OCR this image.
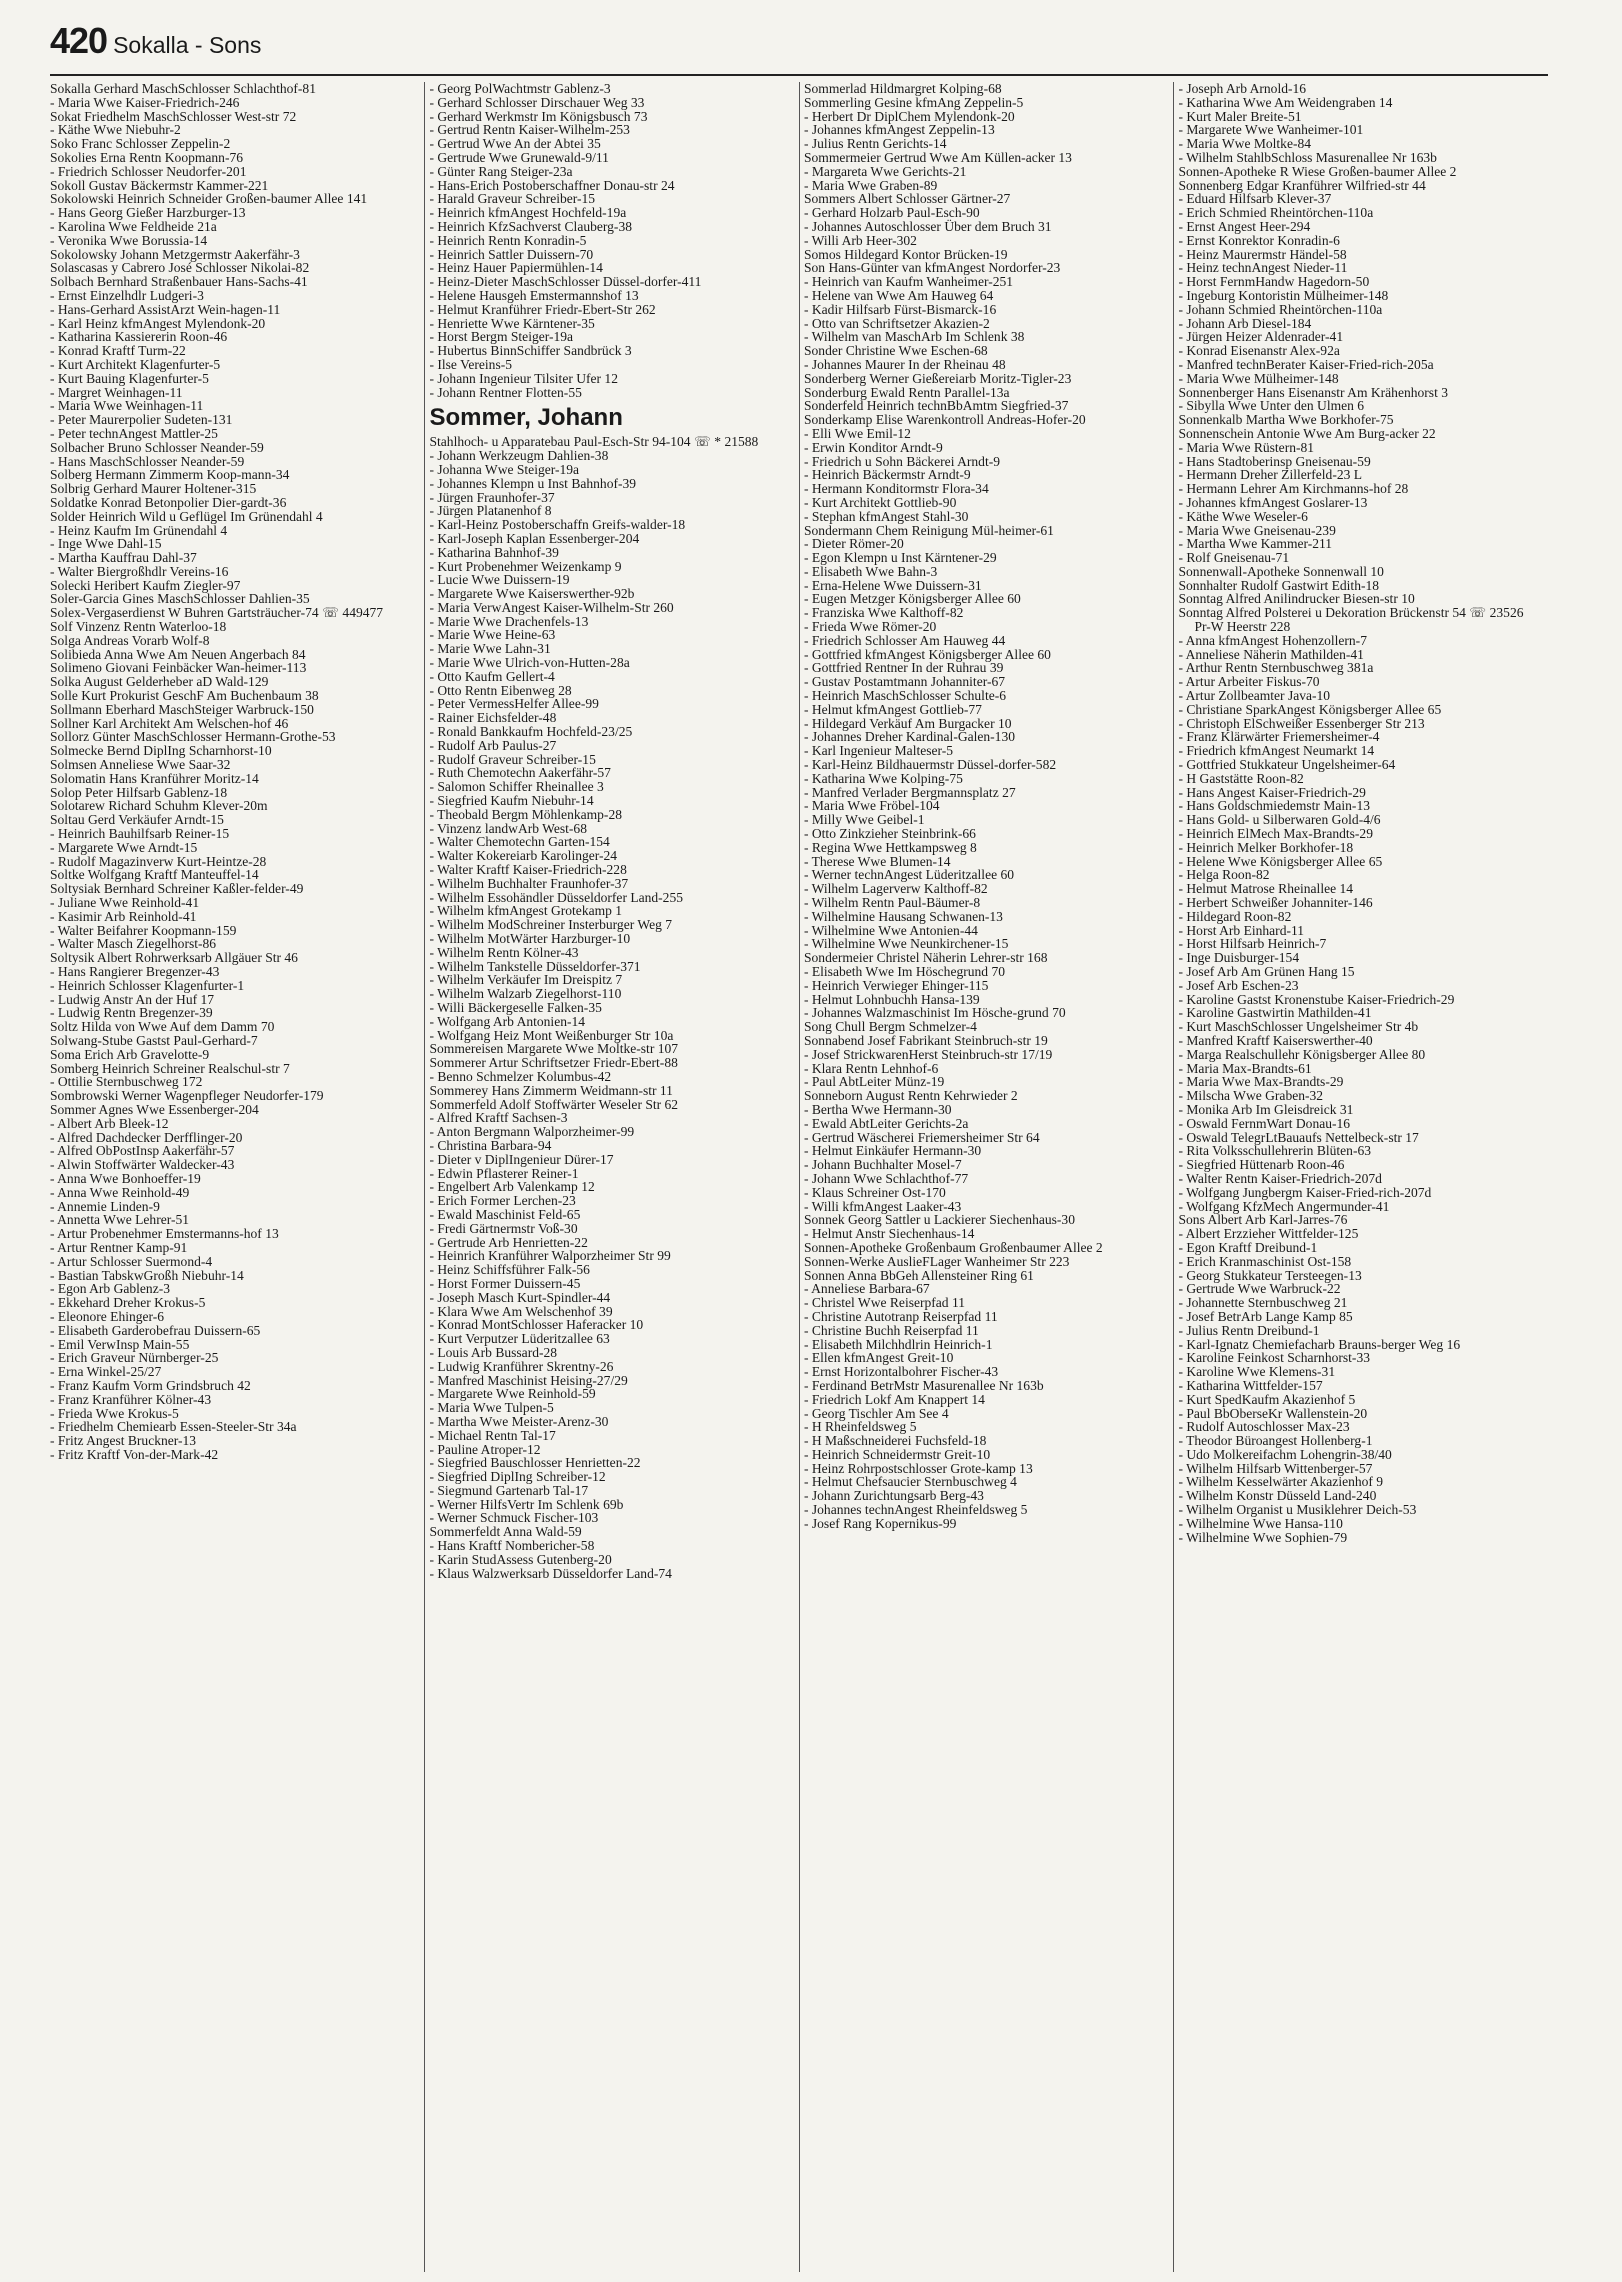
420 Sokalla - Sons
Sokalla Gerhard MaschSchlosser Schlachthof-81
- Maria Wwe Kaiser-Friedrich-246
Sokat Friedhelm MaschSchlosser West-str 72
- Käthe Wwe Niebuhr-2
Soko Franc Schlosser Zeppelin-2
Sokolies Erna Rentn Koopmann-76
- Friedrich Schlosser Neudorfer-201
Sokoll Gustav Bäckermstr Kammer-221
Sokolowski Heinrich Schneider Großen-baumer Allee 141
- Hans Georg Gießer Harzburger-13
- Karolina Wwe Feldheide 21a
- Veronika Wwe Borussia-14
Sokolowsky Johann Metzgermstr Aakerfähr-3
Solascasas y Cabrero José Schlosser Nikolai-82
Solbach Bernhard Straßenbauer Hans-Sachs-41
- Ernst Einzelhdlr Ludgeri-3
- Hans-Gerhard AssistArzt Wein-hagen-11
- Karl Heinz kfmAngest Mylendonk-20
- Katharina Kassiererin Roon-46
- Konrad Kraftf Turm-22
- Kurt Architekt Klagenfurter-5
- Kurt Bauing Klagenfurter-5
- Margret Weinhagen-11
- Maria Wwe Weinhagen-11
- Peter Maurerpolier Sudeten-131
- Peter technAngest Mattler-25
Solbacher Bruno Schlosser Neander-59
- Hans MaschSchlosser Neander-59
Solberg Hermann Zimmerm Koop-mann-34
Solbrig Gerhard Maurer Holtener-315
Soldatke Konrad Betonpolier Dier-gardt-36
Solder Heinrich Wild u Geflügel Im Grünendahl 4
- Heinz Kaufm Im Grünendahl 4
- Inge Wwe Dahl-15
- Martha Kauffrau Dahl-37
- Walter Biergroßhdlr Vereins-16
Solecki Heribert Kaufm Ziegler-97
Soler-Garcia Gines MaschSchlosser Dahlien-35
Solex-Vergaserdienst W Buhren Gartsträucher-74 ☏ 449477
Solf Vinzenz Rentn Waterloo-18
Solga Andreas Vorarb Wolf-8
Solibieda Anna Wwe Am Neuen Angerbach 84
Solimeno Giovani Feinbäcker Wan-heimer-113
Solka August Gelderheber aD Wald-129
Solle Kurt Prokurist GeschF Am Buchenbaum 38
Sollmann Eberhard MaschSteiger Warbruck-150
Sollner Karl Architekt Am Welschen-hof 46
Sollorz Günter MaschSchlosser Hermann-Grothe-53
Solmecke Bernd DiplIng Scharnhorst-10
Solmsen Anneliese Wwe Saar-32
Solomatin Hans Kranführer Moritz-14
Solop Peter Hilfsarb Gablenz-18
Solotarew Richard Schuhm Klever-20m
Soltau Gerd Verkäufer Arndt-15
- Heinrich Bauhilfsarb Reiner-15
- Margarete Wwe Arndt-15
- Rudolf Magazinverw Kurt-Heintze-28
Soltke Wolfgang Kraftf Manteuffel-14
Soltysiak Bernhard Schreiner Kaßler-felder-49
- Juliane Wwe Reinhold-41
- Kasimir Arb Reinhold-41
- Walter Beifahrer Koopmann-159
- Walter Masch Ziegelhorst-86
Soltysik Albert Rohrwerksarb Allgäuer Str 46
- Hans Rangierer Bregenzer-43
- Heinrich Schlosser Klagenfurter-1
- Ludwig Anstr An der Huf 17
- Ludwig Rentn Bregenzer-39
Soltz Hilda von Wwe Auf dem Damm 70
Solwang-Stube Gastst Paul-Gerhard-7
Soma Erich Arb Gravelotte-9
Somberg Heinrich Schreiner Realschul-str 7
- Ottilie Sternbuschweg 172
Sombrowski Werner Wagenpfleger Neudorfer-179
Sommer Agnes Wwe Essenberger-204
- Albert Arb Bleek-12
- Alfred Dachdecker Derfflinger-20
- Alfred ObPostInsp Aakerfähr-57
- Alwin Stoffwärter Waldecker-43
- Anna Wwe Bonhoeffer-19
- Anna Wwe Reinhold-49
- Annemie Linden-9
- Annetta Wwe Lehrer-51
- Artur Probenehmer Emstermanns-hof 13
- Artur Rentner Kamp-91
- Artur Schlosser Suermond-4
- Bastian TabskwGroßh Niebuhr-14
- Egon Arb Gablenz-3
- Ekkehard Dreher Krokus-5
- Eleonore Ehinger-6
- Elisabeth Garderobefrau Duissern-65
- Emil VerwInsp Main-55
- Erich Graveur Nürnberger-25
- Erna Winkel-25/27
- Franz Kaufm Vorm Grindsbruch 42
- Franz Kranführer Kölner-43
- Frieda Wwe Krokus-5
- Friedhelm Chemiearb Essen-Steeler-Str 34a
- Fritz Angest Bruckner-13
- Fritz Kraftf Von-der-Mark-42
- Georg PolWachtmstr Gablenz-3
- Gerhard Schlosser Dirschauer Weg 33
- Gerhard Werkmstr Im Königsbusch 73
- Gertrud Rentn Kaiser-Wilhelm-253
- Gertrud Wwe An der Abtei 35
- Gertrude Wwe Grunewald-9/11
- Günter Rang Steiger-23a
- Hans-Erich Postoberschaffner Donau-str 24
- Harald Graveur Schreiber-15
- Heinrich kfmAngest Hochfeld-19a
- Heinrich KfzSachverst Clauberg-38
- Heinrich Rentn Konradin-5
- Heinrich Sattler Duissern-70
- Heinz Hauer Papiermühlen-14
- Heinz-Dieter MaschSchlosser Düssel-dorfer-411
- Helene Hausgeh Emstermannshof 13
- Helmut Kranführer Friedr-Ebert-Str 262
- Henriette Wwe Kärntener-35
- Horst Bergm Steiger-19a
- Hubertus BinnSchiffer Sandbrück 3
- Ilse Vereins-5
- Johann Ingenieur Tilsiter Ufer 12
- Johann Rentner Flotten-55
Sommer, Johann
Stahlhoch- u Apparatebau Paul-Esch-Str 94-104 ☏ * 21588
- Johann Werkzeugm Dahlien-38
- Johanna Wwe Steiger-19a
- Johannes Klempn u Inst Bahnhof-39
- Jürgen Fraunhofer-37
- Jürgen Platanenhof 8
- Karl-Heinz Postoberschaffn Greifs-walder-18
- Karl-Joseph Kaplan Essenberger-204
- Katharina Bahnhof-39
- Kurt Probenehmer Weizenkamp 9
- Lucie Wwe Duissern-19
- Margarete Wwe Kaiserswerther-92b
- Maria VerwAngest Kaiser-Wilhelm-Str 260
- Marie Wwe Drachenfels-13
- Marie Wwe Heine-63
- Marie Wwe Lahn-31
- Marie Wwe Ulrich-von-Hutten-28a
- Otto Kaufm Gellert-4
- Otto Rentn Eibenweg 28
- Peter VermessHelfer Allee-99
- Rainer Eichsfelder-48
- Ronald Bankkaufm Hochfeld-23/25
- Rudolf Arb Paulus-27
- Rudolf Graveur Schreiber-15
- Ruth Chemotechn Aakerfähr-57
- Salomon Schiffer Rheinallee 3
- Siegfried Kaufm Niebuhr-14
- Theobald Bergm Möhlenkamp-28
- Vinzenz landwArb West-68
- Walter Chemotechn Garten-154
- Walter Kokereiarb Karolinger-24
- Walter Kraftf Kaiser-Friedrich-228
- Wilhelm Buchhalter Fraunhofer-37
- Wilhelm Essohändler Düsseldorfer Land-255
- Wilhelm kfmAngest Grotekamp 1
- Wilhelm ModSchreiner Insterburger Weg 7
- Wilhelm MotWärter Harzburger-10
- Wilhelm Rentn Kölner-43
- Wilhelm Tankstelle Düsseldorfer-371
- Wilhelm Verkäufer Im Dreispitz 7
- Wilhelm Walzarb Ziegelhorst-110
- Willi Bäckergeselle Falken-35
- Wolfgang Arb Antonien-14
- Wolfgang Heiz Mont Weißenburger Str 10a
Sommereisen Margarete Wwe Moltke-str 107
Sommerer Artur Schriftsetzer Friedr-Ebert-88
- Benno Schmelzer Kolumbus-42
Sommerey Hans Zimmerm Weidmann-str 11
Sommerfeld Adolf Stoffwärter Weseler Str 62
- Alfred Kraftf Sachsen-3
- Anton Bergmann Walporzheimer-99
- Christina Barbara-94
- Dieter v DiplIngenieur Dürer-17
- Edwin Pflasterer Reiner-1
- Engelbert Arb Valenkamp 12
- Erich Former Lerchen-23
- Ewald Maschinist Feld-65
- Fredi Gärtnermstr Voß-30
- Gertrude Arb Henrietten-22
- Heinrich Kranführer Walporzheimer Str 99
- Heinz Schiffsführer Falk-56
- Horst Former Duissern-45
- Joseph Masch Kurt-Spindler-44
- Klara Wwe Am Welschenhof 39
- Konrad MontSchlosser Haferacker 10
- Kurt Verputzer Lüderitzallee 63
- Louis Arb Bussard-28
- Ludwig Kranführer Skrentny-26
- Manfred Maschinist Heising-27/29
- Margarete Wwe Reinhold-59
- Maria Wwe Tulpen-5
- Martha Wwe Meister-Arenz-30
- Michael Rentn Tal-17
- Pauline Atroper-12
- Siegfried Bauschlosser Henrietten-22
- Siegfried DiplIng Schreiber-12
- Siegmund Gartenarb Tal-17
- Werner HilfsVertr Im Schlenk 69b
- Werner Schmuck Fischer-103
Sommerfeldt Anna Wald-59
- Hans Kraftf Nombericher-58
- Karin StudAssess Gutenberg-20
- Klaus Walzwerksarb Düsseldorfer Land-74
Sommerlad Hildmargret Kolping-68
Sommerling Gesine kfmAng Zeppelin-5
- Herbert Dr DiplChem Mylendonk-20
- Johannes kfmAngest Zeppelin-13
- Julius Rentn Gerichts-14
Sommermeier Gertrud Wwe Am Küllen-acker 13
- Margareta Wwe Gerichts-21
- Maria Wwe Graben-89
Sommers Albert Schlosser Gärtner-27
- Gerhard Holzarb Paul-Esch-90
- Johannes Autoschlosser Über dem Bruch 31
- Willi Arb Heer-302
Somos Hildegard Kontor Brücken-19
Son Hans-Günter van kfmAngest Nordorfer-23
- Heinrich van Kaufm Wanheimer-251
- Helene van Wwe Am Hauweg 64
- Kadir Hilfsarb Fürst-Bismarck-16
- Otto van Schriftsetzer Akazien-2
- Wilhelm van MaschArb Im Schlenk 38
Sonder Christine Wwe Eschen-68
- Johannes Maurer In der Rheinau 48
Sonderberg Werner Gießereiarb Moritz-Tigler-23
Sonderburg Ewald Rentn Parallel-13a
Sonderfeld Heinrich technBbAmtm Siegfried-37
Sonderkamp Elise Warenkontroll Andreas-Hofer-20
- Elli Wwe Emil-12
- Erwin Konditor Arndt-9
- Friedrich u Sohn Bäckerei Arndt-9
- Heinrich Bäckermstr Arndt-9
- Hermann Konditormstr Flora-34
- Kurt Architekt Gottlieb-90
- Stephan kfmAngest Stahl-30
Sondermann Chem Reinigung Mül-heimer-61
- Dieter Römer-20
- Egon Klempn u Inst Kärntener-29
- Elisabeth Wwe Bahn-3
- Erna-Helene Wwe Duissern-31
- Eugen Metzger Königsberger Allee 60
- Franziska Wwe Kalthoff-82
- Frieda Wwe Römer-20
- Friedrich Schlosser Am Hauweg 44
- Gottfried kfmAngest Königsberger Allee 60
- Gottfried Rentner In der Ruhrau 39
- Gustav Postamtmann Johanniter-67
- Heinrich MaschSchlosser Schulte-6
- Helmut kfmAngest Gottlieb-77
- Hildegard Verkäuf Am Burgacker 10
- Johannes Dreher Kardinal-Galen-130
- Karl Ingenieur Malteser-5
- Karl-Heinz Bildhauermstr Düssel-dorfer-582
- Katharina Wwe Kolping-75
- Manfred Verlader Bergmannsplatz 27
- Maria Wwe Fröbel-104
- Milly Wwe Geibel-1
- Otto Zinkzieher Steinbrink-66
- Regina Wwe Hettkampsweg 8
- Therese Wwe Blumen-14
- Werner technAngest Lüderitzallee 60
- Wilhelm Lagerverw Kalthoff-82
- Wilhelm Rentn Paul-Bäumer-8
- Wilhelmine Hausang Schwanen-13
- Wilhelmine Wwe Antonien-44
- Wilhelmine Wwe Neunkirchener-15
Sondermeier Christel Näherin Lehrer-str 168
- Elisabeth Wwe Im Höschegrund 70
- Heinrich Verwieger Ehinger-115
- Helmut Lohnbuchh Hansa-139
- Johannes Walzmaschinist Im Hösche-grund 70
Song Chull Bergm Schmelzer-4
Sonnabend Josef Fabrikant Steinbruch-str 19
- Josef StrickwarenHerst Steinbruch-str 17/19
- Klara Rentn Lehnhof-6
- Paul AbtLeiter Münz-19
Sonneborn August Rentn Kehrwieder 2
- Bertha Wwe Hermann-30
- Ewald AbtLeiter Gerichts-2a
- Gertrud Wäscherei Friemersheimer Str 64
- Helmut Einkäufer Hermann-30
- Johann Buchhalter Mosel-7
- Johann Wwe Schlachthof-77
- Klaus Schreiner Ost-170
- Willi kfmAngest Laaker-43
Sonnek Georg Sattler u Lackierer Siechenhaus-30
- Helmut Anstr Siechenhaus-14
Sonnen-Apotheke Großenbaum Großenbaumer Allee 2
Sonnen-Werke AuslieFLager Wanheimer Str 223
Sonnen Anna BbGeh Allensteiner Ring 61
- Anneliese Barbara-67
- Christel Wwe Reiserpfad 11
- Christine Autotranp Reiserpfad 11
- Christine Buchh Reiserpfad 11
- Elisabeth Milchhdlrin Heinrich-1
- Ellen kfmAngest Greit-10
- Ernst Horizontalbohrer Fischer-43
- Ferdinand BetrMstr Masurenallee Nr 163b
- Friedrich Lokf Am Knappert 14
- Georg Tischler Am See 4
- H Rheinfeldsweg 5
- H Maßschneiderei Fuchsfeld-18
- Heinrich Schneidermstr Greit-10
- Heinz Rohrpostschlosser Grote-kamp 13
- Helmut Chefsaucier Sternbuschweg 4
- Johann Zurichtungsarb Berg-43
- Johannes technAngest Rheinfeldsweg 5
- Josef Rang Kopernikus-99
- Joseph Arb Arnold-16
- Katharina Wwe Am Weidengraben 14
- Kurt Maler Breite-51
- Margarete Wwe Wanheimer-101
- Maria Wwe Moltke-84
- Wilhelm StahlbSchloss Masurenallee Nr 163b
Sonnen-Apotheke R Wiese Großen-baumer Allee 2
Sonnenberg Edgar Kranführer Wilfried-str 44
- Eduard Hilfsarb Klever-37
- Erich Schmied Rheintörchen-110a
- Ernst Angest Heer-294
- Ernst Konrektor Konradin-6
- Heinz Maurermstr Händel-58
- Heinz technAngest Nieder-11
- Horst FernmHandw Hagedorn-50
- Ingeburg Kontoristin Mülheimer-148
- Johann Schmied Rheintörchen-110a
- Johann Arb Diesel-184
- Jürgen Heizer Aldenrader-41
- Konrad Eisenanstr Alex-92a
- Manfred technBerater Kaiser-Fried-rich-205a
- Maria Wwe Mülheimer-148
Sonnenberger Hans Eisenanstr Am Krähenhorst 3
- Sibylla Wwe Unter den Ulmen 6
Sonnenkalb Martha Wwe Borkhofer-75
Sonnenschein Antonie Wwe Am Burg-acker 22
- Maria Wwe Rüstern-81
- Hans Stadtoberinsp Gneisenau-59
- Hermann Dreher Zillerfeld-23 L
- Hermann Lehrer Am Kirchmanns-hof 28
- Johannes kfmAngest Goslarer-13
- Käthe Wwe Weseler-6
- Maria Wwe Gneisenau-239
- Martha Wwe Kammer-211
- Rolf Gneisenau-71
Sonnenwall-Apotheke Sonnenwall 10
Sonnhalter Rudolf Gastwirt Edith-18
Sonntag Alfred Anilindrucker Biesen-str 10
Sonntag Alfred Polsterei u Dekoration Brückenstr 54 ☏ 23526 Pr-W Heerstr 228
- Anna kfmAngest Hohenzollern-7
- Anneliese Näherin Mathilden-41
- Arthur Rentn Sternbuschweg 381a
- Artur Arbeiter Fiskus-70
- Artur Zollbeamter Java-10
- Christiane SparkAngest Königsberger Allee 65
- Christoph ElSchweißer Essenberger Str 213
- Franz Klärwärter Friemersheimer-4
- Friedrich kfmAngest Neumarkt 14
- Gottfried Stukkateur Ungelsheimer-64
- H Gaststätte Roon-82
- Hans Angest Kaiser-Friedrich-29
- Hans Goldschmiedemstr Main-13
- Hans Gold- u Silberwaren Gold-4/6
- Heinrich ElMech Max-Brandts-29
- Heinrich Melker Borkhofer-18
- Helene Wwe Königsberger Allee 65
- Helga Roon-82
- Helmut Matrose Rheinallee 14
- Herbert Schweißer Johanniter-146
- Hildegard Roon-82
- Horst Arb Einhard-11
- Horst Hilfsarb Heinrich-7
- Inge Duisburger-154
- Josef Arb Am Grünen Hang 15
- Josef Arb Eschen-23
- Karoline Gastst Kronenstube Kaiser-Friedrich-29
- Karoline Gastwirtin Mathilden-41
- Kurt MaschSchlosser Ungelsheimer Str 4b
- Manfred Kraftf Kaiserswerther-40
- Marga Realschullehr Königsberger Allee 80
- Maria Max-Brandts-61
- Maria Wwe Max-Brandts-29
- Milscha Wwe Graben-32
- Monika Arb Im Gleisdreick 31
- Oswald FernmWart Donau-16
- Oswald TelegrLtBauaufs Nettelbeck-str 17
- Rita Volksschullehrerin Blüten-63
- Siegfried Hüttenarb Roon-46
- Walter Rentn Kaiser-Friedrich-207d
- Wolfgang Jungbergm Kaiser-Fried-rich-207d
- Wolfgang KfzMech Angermunder-41
Sons Albert Arb Karl-Jarres-76
- Albert Erzzieher Wittfelder-125
- Egon Kraftf Dreibund-1
- Erich Kranmaschinist Ost-158
- Georg Stukkateur Tersteegen-13
- Gertrude Wwe Warbruck-22
- Johannette Sternbuschweg 21
- Josef BetrArb Lange Kamp 85
- Julius Rentn Dreibund-1
- Karl-Ignatz Chemiefacharb Brauns-berger Weg 16
- Karoline Feinkost Scharnhorst-33
- Karoline Wwe Klemens-31
- Katharina Wittfelder-157
- Kurt SpedKaufm Akazienhof 5
- Paul BbOberseKr Wallenstein-20
- Rudolf Autoschlosser Max-23
- Theodor Büroangest Hollenberg-1
- Udo Molkereifachm Lohengrin-38/40
- Wilhelm Hilfsarb Wittenberger-57
- Wilhelm Kesselwärter Akazienhof 9
- Wilhelm Konstr Düsseld Land-240
- Wilhelm Organist u Musiklehrer Deich-53
- Wilhelmine Wwe Hansa-110
- Wilhelmine Wwe Sophien-79
